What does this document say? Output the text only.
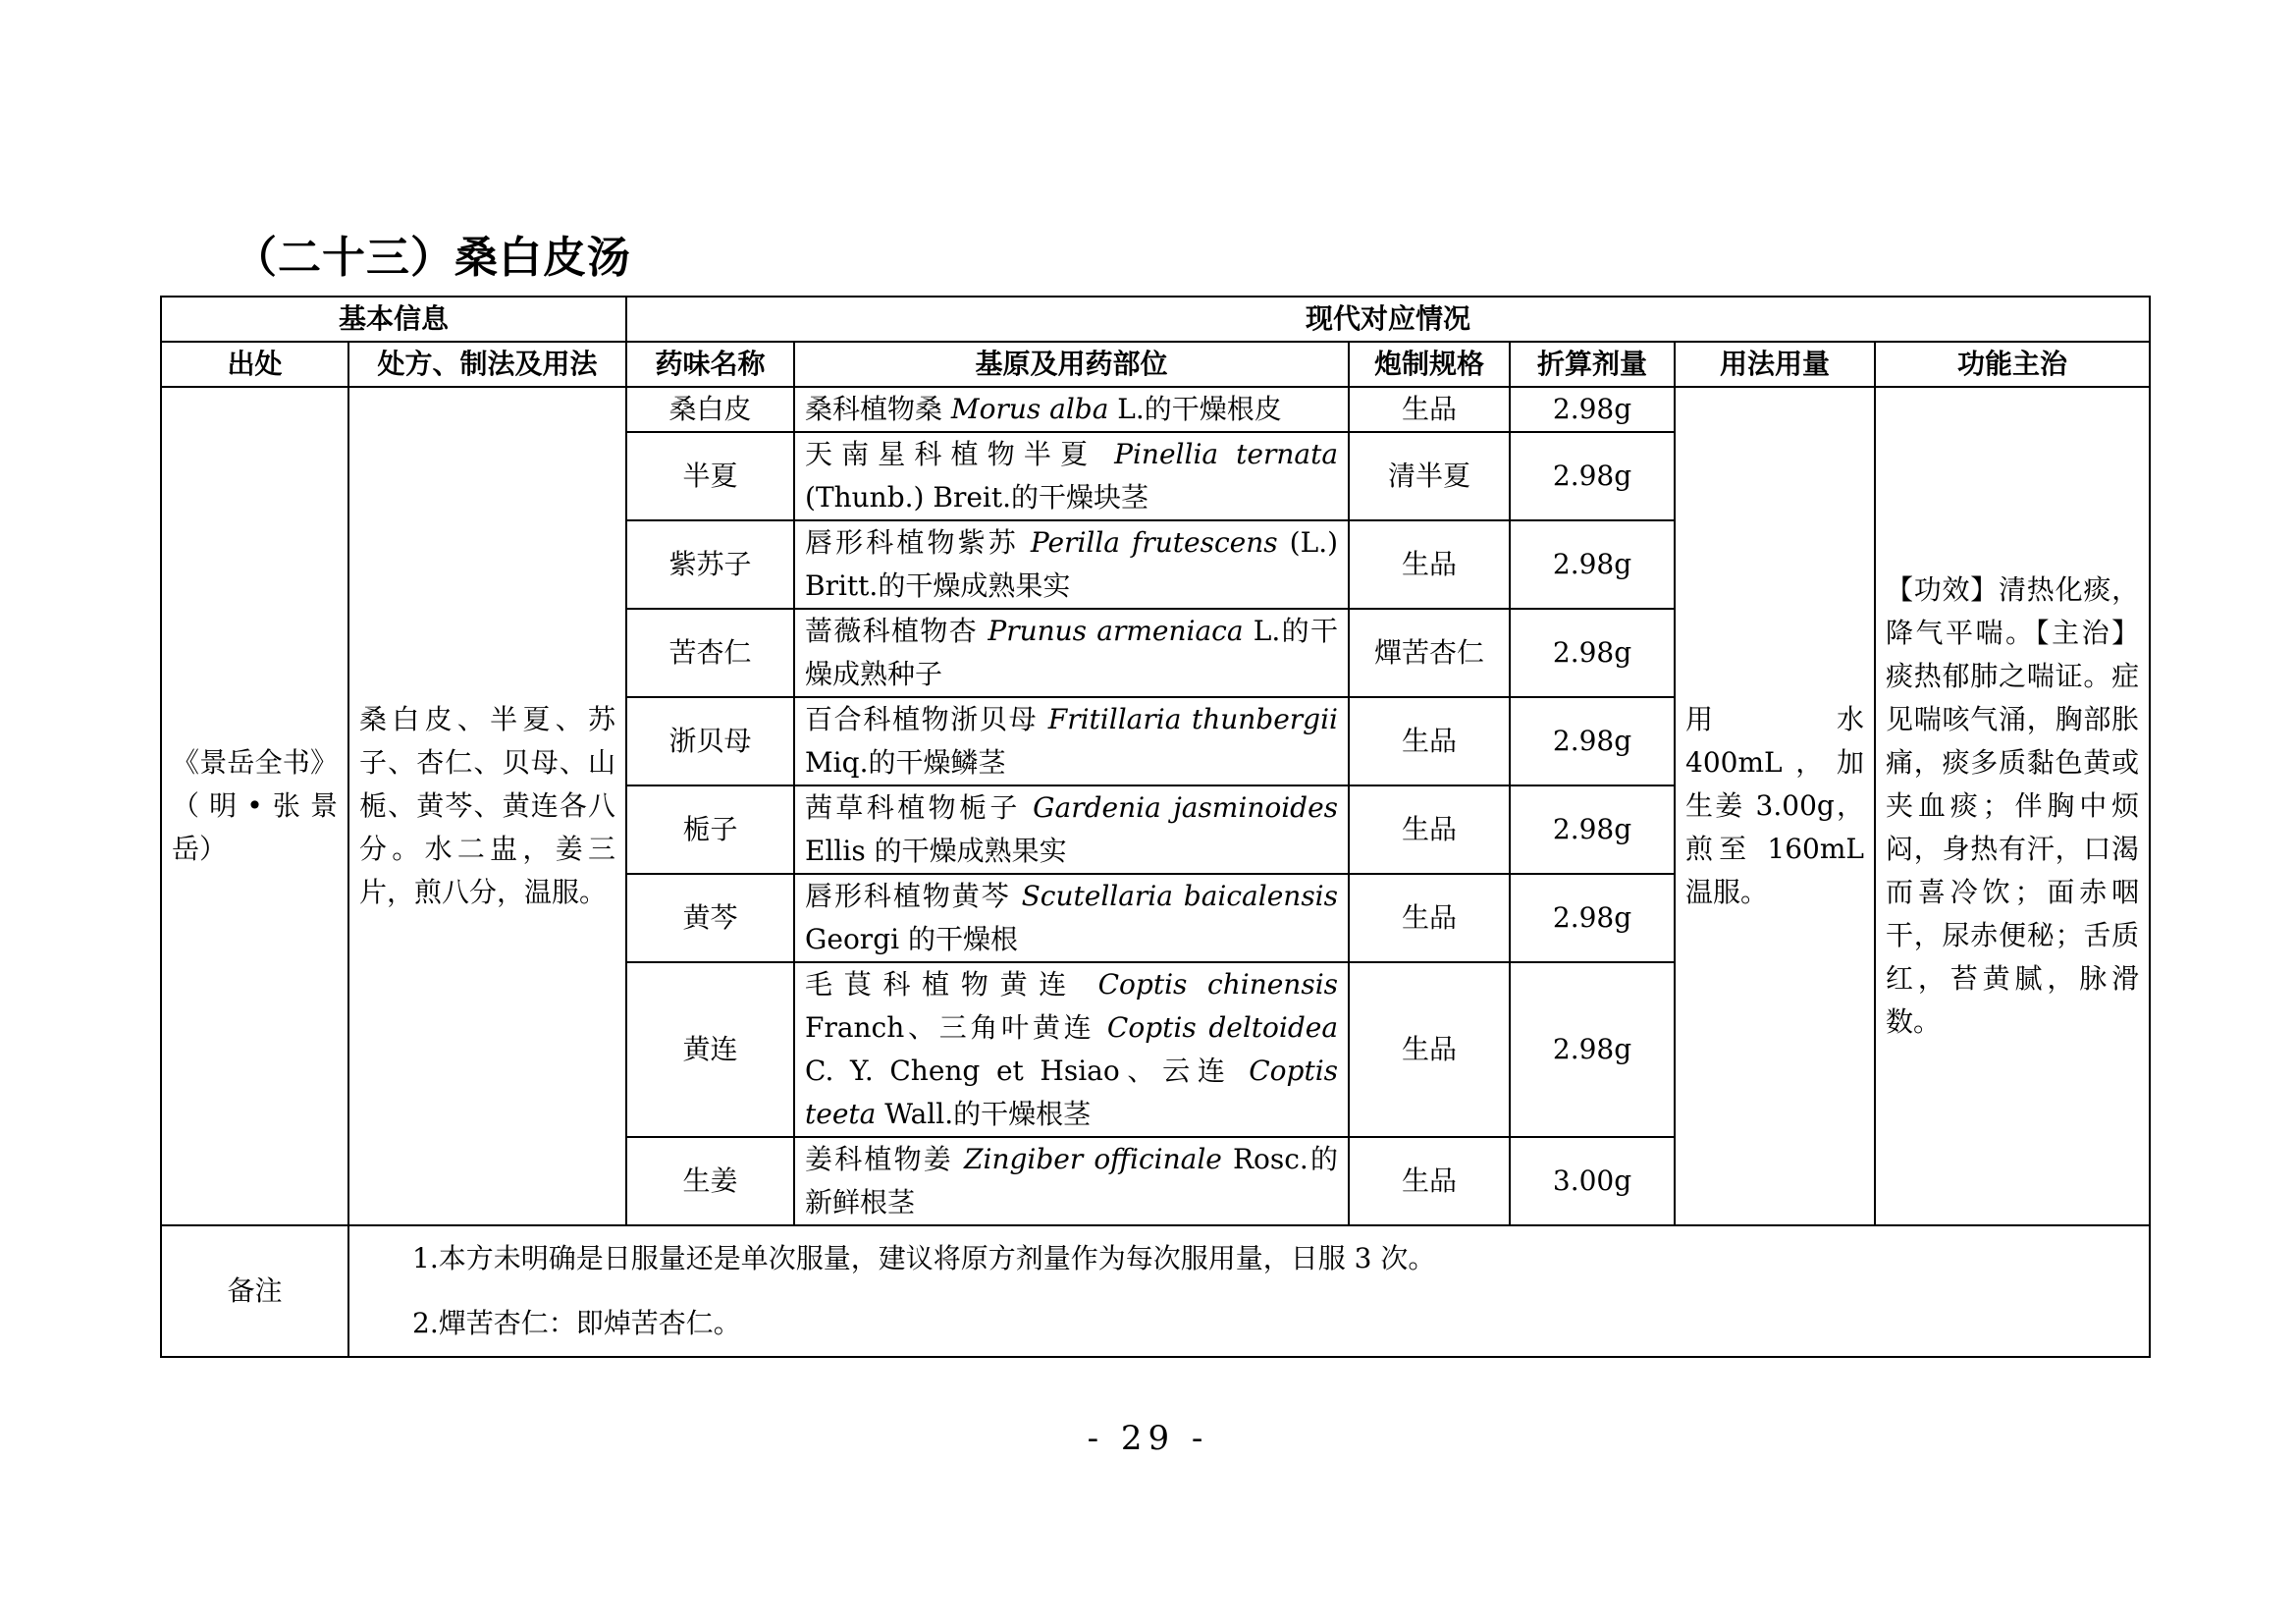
（二十三）桑白皮汤
基本信息		现代对应情况					
出处	处方、制法及用法	药味名称	基原及用药部位	炮制规格	折算剂量	用法用量	功能主治
《景岳全书》（明•张景岳）	桑白皮、半夏、苏子、杏仁、贝母、山栀、黄芩、黄连各八分。水二盅，姜三片，煎八分，温服。	桑白皮	桑科植物桑 Morus alba L.的干燥根皮	生品	2.98g	用水 400mL，加生姜 3.00g，煎至 160mL 温服。	【功效】清热化痰，降气平喘。【主治】痰热郁肺之喘证。症见喘咳气涌，胸部胀痛，痰多质黏色黄或夹血痰；伴胸中烦闷，身热有汗，口渴而喜冷饮；面赤咽干，尿赤便秘；舌质红，苔黄腻，脉滑数。
		半夏	天南星科植物半夏 Pinellia ternata (Thunb.) Breit.的干燥块茎	清半夏	2.98g		
		紫苏子	唇形科植物紫苏 Perilla frutescens (L.) Britt.的干燥成熟果实	生品	2.98g		
		苦杏仁	蔷薇科植物杏 Prunus armeniaca L.的干燥成熟种子	燀苦杏仁	2.98g		
		浙贝母	百合科植物浙贝母 Fritillaria thunbergii Miq.的干燥鳞茎	生品	2.98g		
		栀子	茜草科植物栀子 Gardenia jasminoides Ellis 的干燥成熟果实	生品	2.98g		
		黄芩	唇形科植物黄芩 Scutellaria baicalensis Georgi 的干燥根	生品	2.98g		
		黄连	毛茛科植物黄连 Coptis chinensis Franch、三角叶黄连 Coptis deltoidea C. Y. Cheng et Hsiao、云连 Coptis teeta Wall.的干燥根茎	生品	2.98g		
		生姜	姜科植物姜 Zingiber officinale Rosc.的新鲜根茎	生品	3.00g		
备注	1.本方未明确是日服量还是单次服量，建议将原方剂量作为每次服用量，日服 3 次。
2.燀苦杏仁：即焯苦杏仁。						
- 29 -
